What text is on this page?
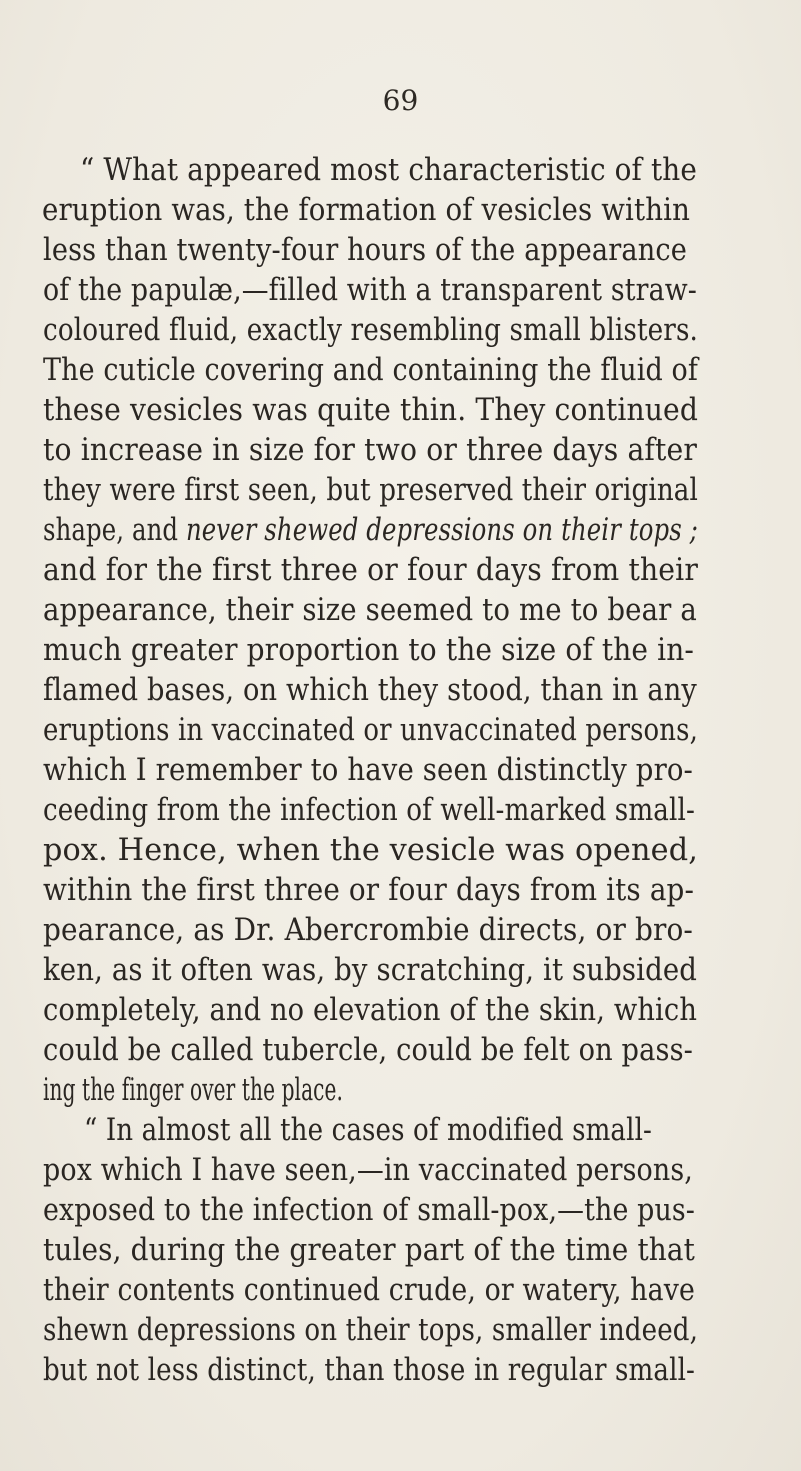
69
“ What appeared most characteristic of the
eruption was, the formation of vesicles within
less than twenty-four hours of the appearance
of the papulæ,—filled with a transparent straw-
coloured fluid, exactly resembling small blisters.
The cuticle covering and containing the fluid of
these vesicles was quite thin. They continued
to increase in size for two or three days after
they were first seen, but preserved their original
shape, and never shewed depressions on their tops ;
and for the first three or four days from their
appearance, their size seemed to me to bear a
much greater proportion to the size of the in-
flamed bases, on which they stood, than in any
eruptions in vaccinated or unvaccinated persons,
which I remember to have seen distinctly pro-
ceeding from the infection of well-marked small-
pox. Hence, when the vesicle was opened,
within the first three or four days from its ap-
pearance, as Dr. Abercrombie directs, or bro-
ken, as it often was, by scratching, it subsided
completely, and no elevation of the skin, which
could be called tubercle, could be felt on pass-
ing the finger over the place.
“ In almost all the cases of modified small-
pox which I have seen,—in vaccinated persons,
exposed to the infection of small-pox,—the pus-
tules, during the greater part of the time that
their contents continued crude, or watery, have
shewn depressions on their tops, smaller indeed,
but not less distinct, than those in regular small-
